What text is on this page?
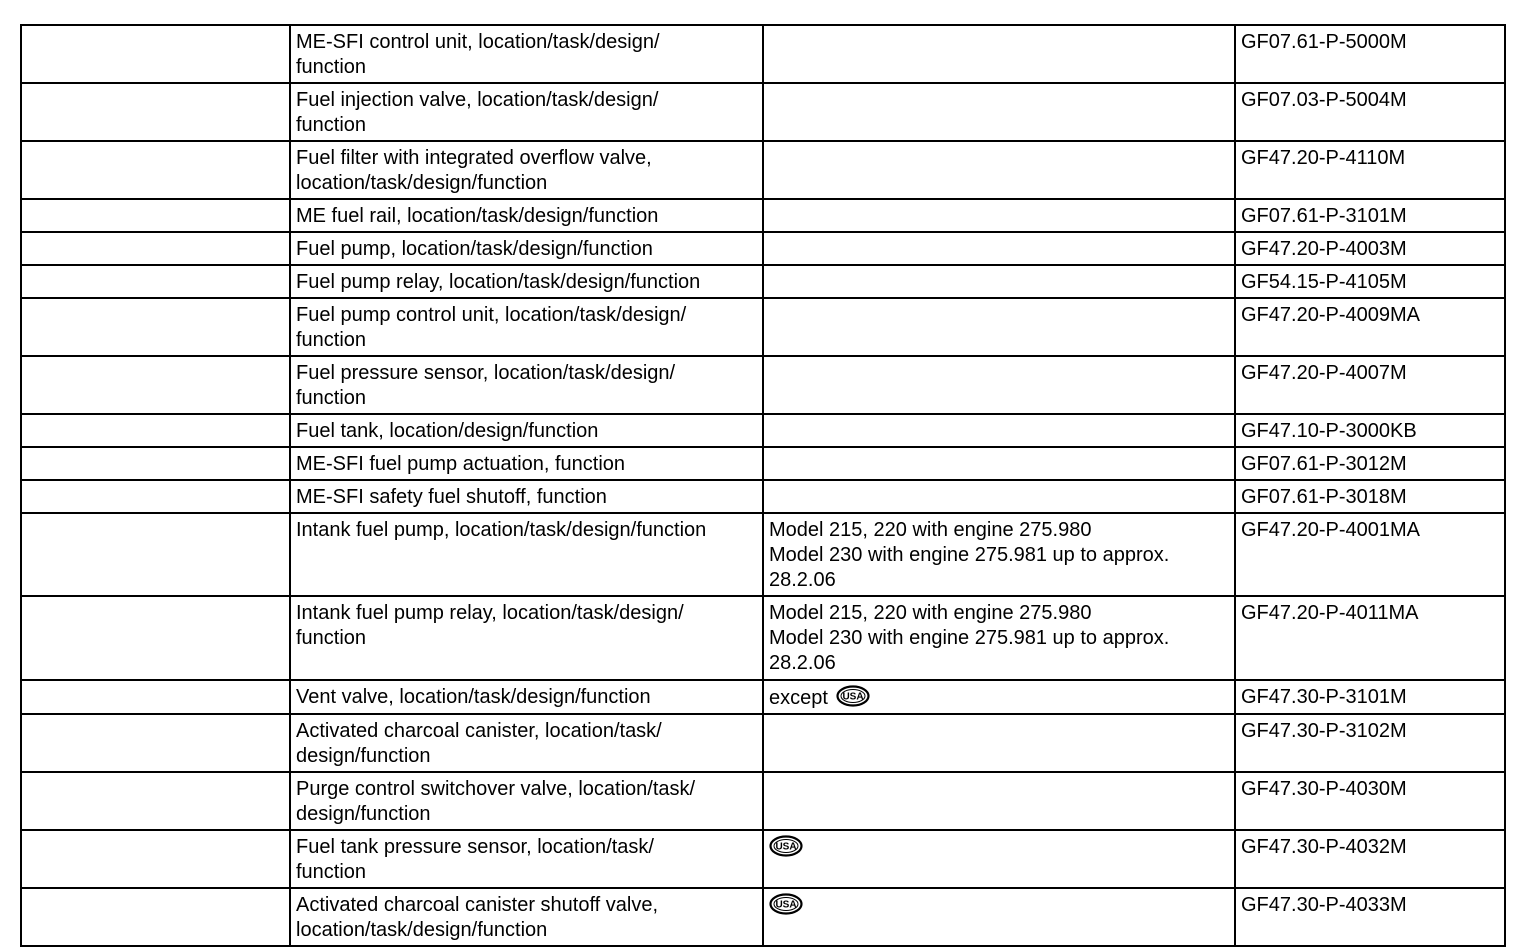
	ME-SFI control unit, location/task/design/
function		GF07.61-P-5000M

	Fuel injection valve, location/task/design/
function		GF07.03-P-5004M

	Fuel filter with integrated overflow valve,
location/task/design/function		GF47.20-P-4110M

	ME fuel rail, location/task/design/function		GF07.61-P-3101M

	Fuel pump, location/task/design/function		GF47.20-P-4003M

	Fuel pump relay, location/task/design/function		GF54.15-P-4105M

	Fuel pump control unit, location/task/design/
function		GF47.20-P-4009MA

	Fuel pressure sensor, location/task/design/
function		GF47.20-P-4007M

	Fuel tank, location/design/function		GF47.10-P-3000KB

	ME-SFI fuel pump actuation, function		GF07.61-P-3012M

	ME-SFI safety fuel shutoff, function		GF07.61-P-3018M

	Intank fuel pump, location/task/design/function	Model 215, 220 with engine 275.980
Model 230 with engine 275.981 up to approx.
28.2.06	GF47.20-P-4001MA

	Intank fuel pump relay, location/task/design/
function	Model 215, 220 with engine 275.980
Model 230 with engine 275.981 up to approx.
28.2.06	GF47.20-P-4011MA

	Vent valve, location/task/design/function	except USA	GF47.30-P-3101M

	Activated charcoal canister, location/task/
design/function		GF47.30-P-3102M

	Purge control switchover valve, location/task/
design/function		GF47.30-P-4030M

	Fuel tank pressure sensor, location/task/
function	USA	GF47.30-P-4032M

	Activated charcoal canister shutoff valve,
location/task/design/function	USA	GF47.30-P-4033M
